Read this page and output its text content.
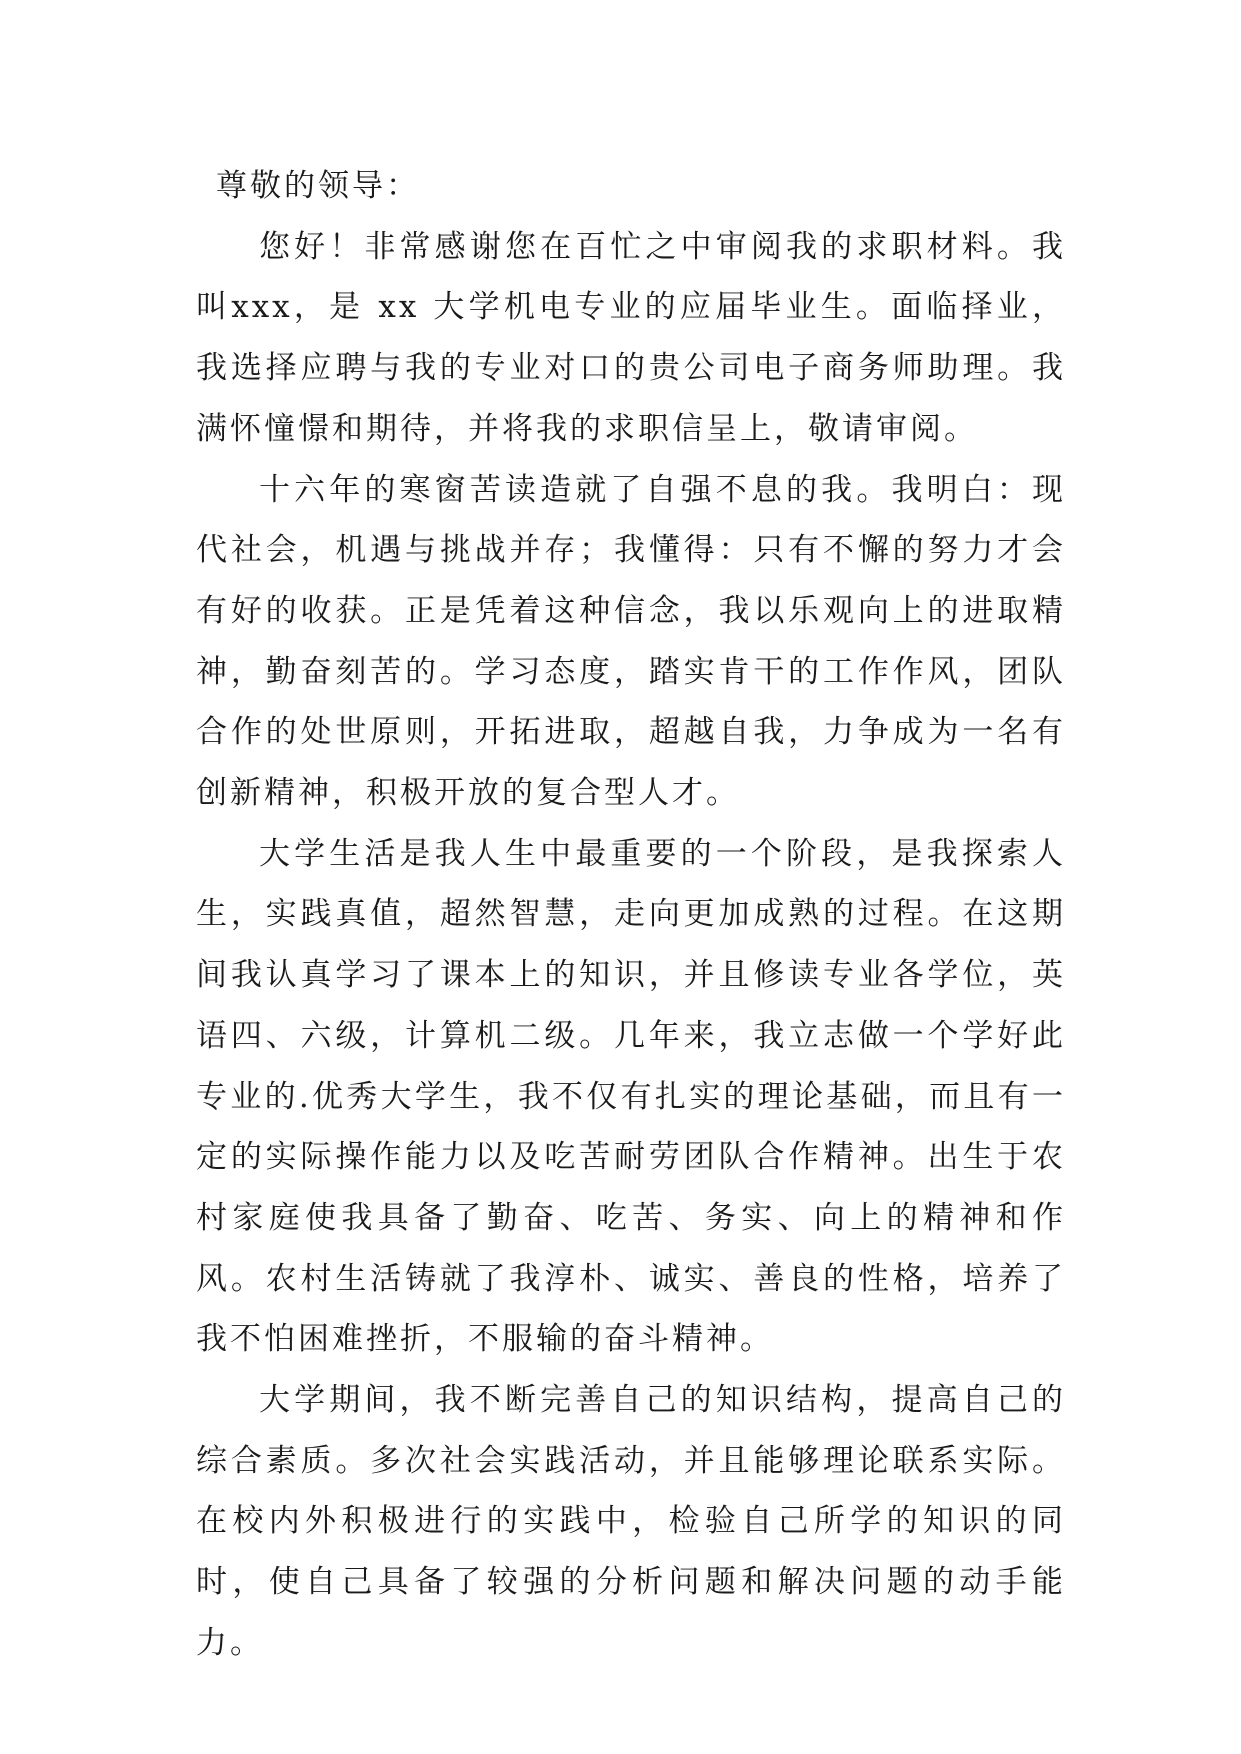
尊敬的领导：

您好！非常感谢您在百忙之中审阅我的求职材料。我叫xxx，是 xx 大学机电专业的应届毕业生。面临择业，我选择应聘与我的专业对口的贵公司电子商务师助理。我满怀憧憬和期待，并将我的求职信呈上，敬请审阅。

十六年的寒窗苦读造就了自强不息的我。我明白：现代社会，机遇与挑战并存；我懂得：只有不懈的努力才会有好的收获。正是凭着这种信念，我以乐观向上的进取精神，勤奋刻苦的。学习态度，踏实肯干的工作作风，团队合作的处世原则，开拓进取，超越自我，力争成为一名有创新精神，积极开放的复合型人才。

大学生活是我人生中最重要的一个阶段，是我探索人生，实践真值，超然智慧，走向更加成熟的过程。在这期间我认真学习了课本上的知识，并且修读专业各学位，英语四、六级，计算机二级。几年来，我立志做一个学好此专业的.优秀大学生，我不仅有扎实的理论基础，而且有一定的实际操作能力以及吃苦耐劳团队合作精神。出生于农村家庭使我具备了勤奋、吃苦、务实、向上的精神和作风。农村生活铸就了我淳朴、诚实、善良的性格，培养了我不怕困难挫折，不服输的奋斗精神。

大学期间，我不断完善自己的知识结构，提高自己的综合素质。多次社会实践活动，并且能够理论联系实际。在校内外积极进行的实践中，检验自己所学的知识的同时，使自己具备了较强的分析问题和解决问题的动手能力。
